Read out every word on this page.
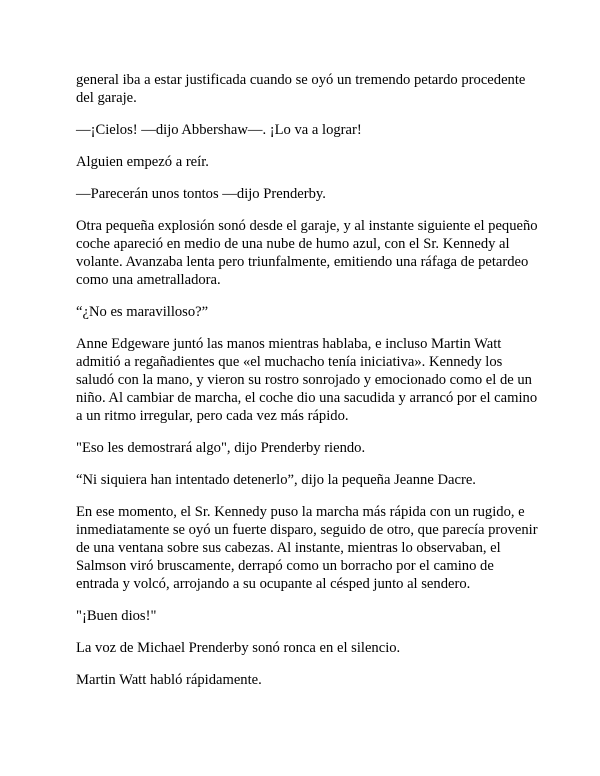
general iba a estar justificada cuando se oyó un tremendo petardo procedente del garaje.

—¡Cielos! —dijo Abbershaw—. ¡Lo va a lograr!

Alguien empezó a reír.

—Parecerán unos tontos —dijo Prenderby.

Otra pequeña explosión sonó desde el garaje, y al instante siguiente el pequeño coche apareció en medio de una nube de humo azul, con el Sr. Kennedy al volante. Avanzaba lenta pero triunfalmente, emitiendo una ráfaga de petardeo como una ametralladora.

“¿No es maravilloso?”

Anne Edgeware juntó las manos mientras hablaba, e incluso Martin Watt admitió a regañadientes que «el muchacho tenía iniciativa». Kennedy los saludó con la mano, y vieron su rostro sonrojado y emocionado como el de un niño. Al cambiar de marcha, el coche dio una sacudida y arrancó por el camino a un ritmo irregular, pero cada vez más rápido.

"Eso les demostrará algo", dijo Prenderby riendo.

“Ni siquiera han intentado detenerlo”, dijo la pequeña Jeanne Dacre.

En ese momento, el Sr. Kennedy puso la marcha más rápida con un rugido, e inmediatamente se oyó un fuerte disparo, seguido de otro, que parecía provenir de una ventana sobre sus cabezas. Al instante, mientras lo observaban, el Salmson viró bruscamente, derrapó como un borracho por el camino de entrada y volcó, arrojando a su ocupante al césped junto al sendero.

"¡Buen dios!"

La voz de Michael Prenderby sonó ronca en el silencio.

Martin Watt habló rápidamente.
